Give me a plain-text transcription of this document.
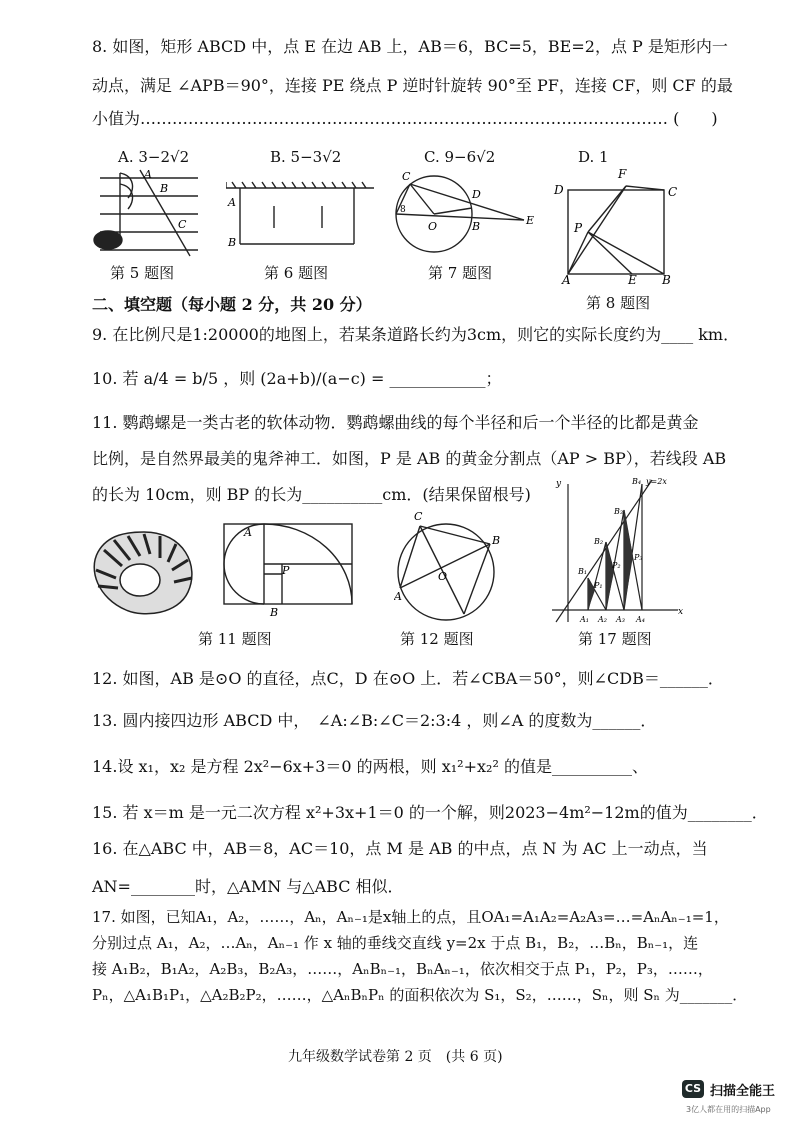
8. 如图，矩形 ABCD 中，点 E 在边 AB 上，AB＝6，BC=5，BE=2，点 P 是矩形内一
动点，满足 ∠APB＝90°，连接 PE 绕点 P 逆时针旋转 90°至 PF，连接 CF，则 CF 的最
小值为……………………………………………………………………………………… (　　)
A. 3−2√2	B. 5−3√2	C. 9−6√2	D. 1
A
B
C
第 5 题图
A
B
第 6 题图
C
D
O	B	E
8
第 7 题图
D
F
C
P
A	E B
二、填空题（每小题 2 分，共 20 分）	第 8 题图
9. 在比例尺是1:20000的地图上，若某条道路长约为3cm，则它的实际长度约为____ km．
10. 若 a/4 = b/5 ，则 (2a+b)/(a−c) = ____________；
11. 鹦鹉螺是一类古老的软体动物．鹦鹉螺曲线的每个半径和后一个半径的比都是黄金
比例，是自然界最美的鬼斧神工．如图，P 是 AB 的黄金分割点（AP > BP），若线段 AB
的长为 10cm，则 BP 的长为__________cm．(结果保留根号)
A
P
B
第 11 题图
C
B
A
O
第 12 题图
y	y=2x
B₄
B₃
B₂
B₁
P₁
P₂
P₃
A₁ A₂ A₃ A₄
x
第 17 题图
12. 如图，AB 是⊙O 的直径，点C，D 在⊙O 上．若∠CBA＝50°，则∠CDB＝______．
13. 圆内接四边形 ABCD 中，　∠A:∠B:∠C＝2:3:4 ，则∠A 的度数为______．
14.设 x₁，x₂ 是方程 2x²−6x+3＝0 的两根，则 x₁²+x₂² 的值是__________、
15. 若 x＝m 是一元二次方程 x²+3x+1＝0 的一个解，则2023−4m²−12m的值为________．
16. 在△ABC 中，AB＝8，AC＝10，点 M 是 AB 的中点，点 N 为 AC 上一动点，当
AN=________时，△AMN 与△ABC 相似．
17. 如图，已知A₁，A₂，……，Aₙ，Aₙ₋₁是x轴上的点，且OA₁=A₁A₂=A₂A₃=…=AₙAₙ₋₁=1，
分别过点 A₁，A₂，…Aₙ，Aₙ₋₁ 作 x 轴的垂线交直线 y=2x 于点 B₁，B₂，…Bₙ，Bₙ₋₁，连
接 A₁B₂，B₁A₂，A₂B₃，B₂A₃，……，AₙBₙ₋₁，BₙAₙ₋₁，依次相交于点 P₁，P₂，P₃，……，
Pₙ，△A₁B₁P₁，△A₂B₂P₂，……，△AₙBₙPₙ 的面积依次为 S₁，S₂，……，Sₙ，则 Sₙ 为_______．
九年级数学试卷第 2 页　(共 6 页)
CS 扫描全能王
3亿人都在用的扫描App
